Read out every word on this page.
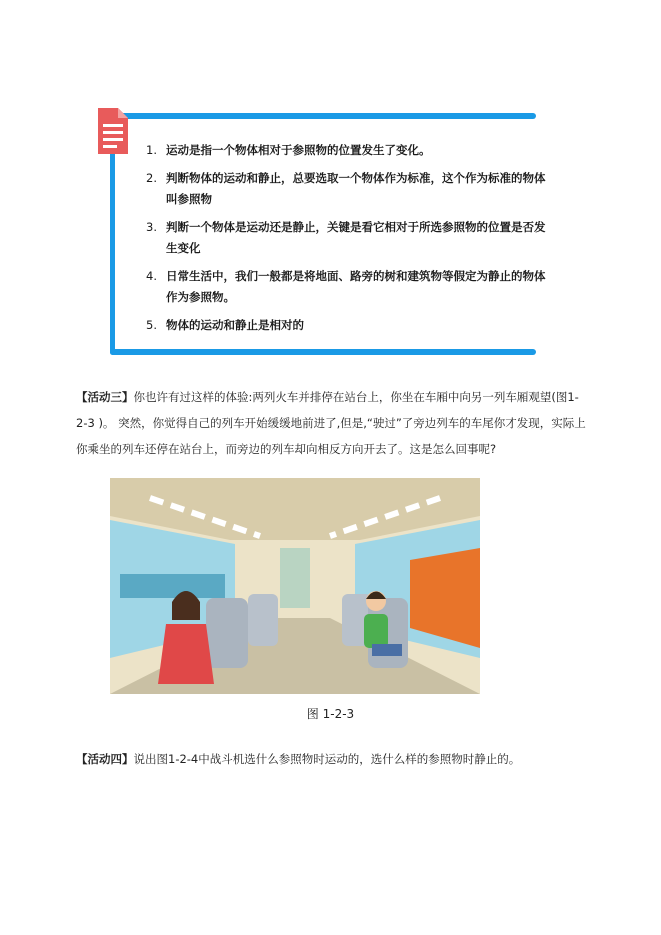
1. 运动是指一个物体相对于参照物的位置发生了变化。
2. 判断物体的运动和静止，总要选取一个物体作为标准，这个作为标准的物体叫参照物
3. 判断一个物体是运动还是静止，关键是看它相对于所选参照物的位置是否发生变化
4. 日常生活中，我们一般都是将地面、路旁的树和建筑物等假定为静止的物体作为参照物。
5. 物体的运动和静止是相对的

【活动三】你也许有过这样的体验:两列火车并排停在站台上，你坐在车厢中向另一列车厢观望(图1-2-3 )。 突然，你觉得自己的列车开始缓缓地前进了,但是,“驶过”了旁边列车的车尾你才发现，实际上你乘坐的列车还停在站台上，而旁边的列车却向相反方向开去了。这是怎么回事呢?

图 1-2-3

【活动四】说出图1-2-4中战斗机选什么参照物时运动的，选什么样的参照物时静止的。
